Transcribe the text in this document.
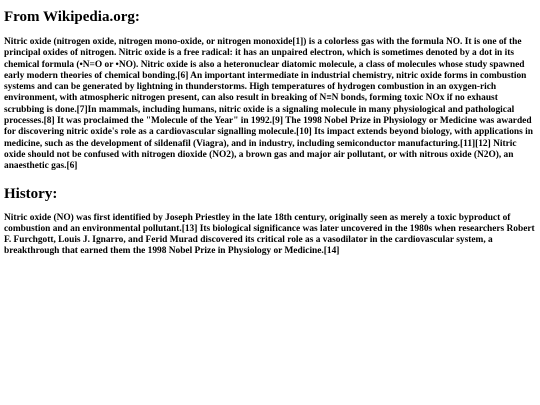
From Wikipedia.org:

Nitric oxide (nitrogen oxide, nitrogen mono-oxide, or nitrogen monoxide[1]) is a colorless gas with the formula NO. It is one of the principal oxides of nitrogen. Nitric oxide is a free radical: it has an unpaired electron, which is sometimes denoted by a dot in its chemical formula (•N=O or •NO). Nitric oxide is also a heteronuclear diatomic molecule, a class of molecules whose study spawned early modern theories of chemical bonding.[6] An important intermediate in industrial chemistry, nitric oxide forms in combustion systems and can be generated by lightning in thunderstorms. High temperatures of hydrogen combustion in an oxygen-rich environment, with atmospheric nitrogen present, can also result in breaking of N≡N bonds, forming toxic NOx if no exhaust scrubbing is done.[7]In mammals, including humans, nitric oxide is a signaling molecule in many physiological and pathological processes.[8] It was proclaimed the "Molecule of the Year" in 1992.[9] The 1998 Nobel Prize in Physiology or Medicine was awarded for discovering nitric oxide's role as a cardiovascular signalling molecule.[10] Its impact extends beyond biology, with applications in medicine, such as the development of sildenafil (Viagra), and in industry, including semiconductor manufacturing.[11][12] Nitric oxide should not be confused with nitrogen dioxide (NO2), a brown gas and major air pollutant, or with nitrous oxide (N2O), an anaesthetic gas.[6]

History:

Nitric oxide (NO) was first identified by Joseph Priestley in the late 18th century, originally seen as merely a toxic byproduct of combustion and an environmental pollutant.[13] Its biological significance was later uncovered in the 1980s when researchers Robert F. Furchgott, Louis J. Ignarro, and Ferid Murad discovered its critical role as a vasodilator in the cardiovascular system, a breakthrough that earned them the 1998 Nobel Prize in Physiology or Medicine.[14]
